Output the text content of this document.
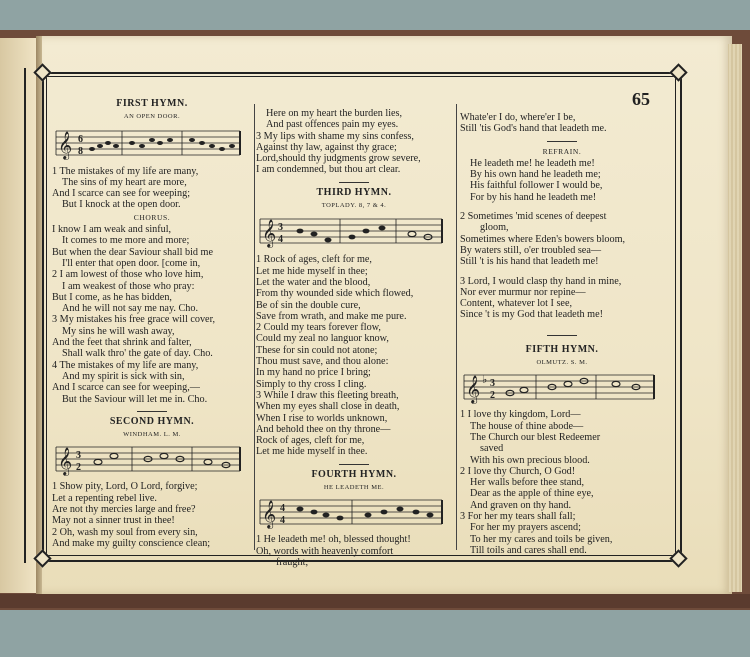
65
FIRST HYMN.
AN OPEN DOOR.
𝄞 6
8
1 The mistakes of my life are many,
The sins of my heart are more,
And I scarce can see for weeping;
But I knock at the open door.
CHORUS.
I know I am weak and sinful,
It comes to me more and more;
But when the dear Saviour shall bid me
I'll enter that open door. [come in,
2 I am lowest of those who love him,
I am weakest of those who pray:
But I come, as he has bidden,
And he will not say me nay. Cho.
3 My mistakes his free grace will cover,
My sins he will wash away,
And the feet that shrink and falter,
Shall walk thro' the gate of day. Cho.
4 The mistakes of my life are many,
And my spirit is sick with sin,
And I scarce can see for weeping,—
But the Saviour will let me in. Cho.
SECOND HYMN.
WINDHAM. L. M.
𝄞 3
2
1 Show pity, Lord, O Lord, forgive;
Let a repenting rebel live.
Are not thy mercies large and free?
May not a sinner trust in thee!
2 Oh, wash my soul from every sin,
And make my guilty conscience clean;
Here on my heart the burden lies,
And past offences pain my eyes.
3 My lips with shame my sins confess,
Against thy law, against thy grace;
Lord,should thy judgments grow severe,
I am condemned, but thou art clear.
THIRD HYMN.
TOPLADY. 8, 7 & 4.
𝄞 3
4
1 Rock of ages, cleft for me,
Let me hide myself in thee;
Let the water and the blood,
From thy wounded side which flowed,
Be of sin the double cure,
Save from wrath, and make me pure.
2 Could my tears forever flow,
Could my zeal no languor know,
These for sin could not atone;
Thou must save, and thou alone:
In my hand no price I bring;
Simply to thy cross I cling.
3 While I draw this fleeting breath,
When my eyes shall close in death,
When I rise to worlds unknown,
And behold thee on thy throne—
Rock of ages, cleft for me,
Let me hide myself in thee.
FOURTH HYMN.
HE LEADETH ME.
𝄞 4
4
1 He leadeth me! oh, blessed thought!
Oh, words with heavenly comfort
fraught;
Whate'er I do, where'er I be,
Still 'tis God's hand that leadeth me.
REFRAIN.
He leadeth me! he leadeth me!
By his own hand he leadeth me;
His faithful follower I would be,
For by his hand he leadeth me!
2 Sometimes 'mid scenes of deepest
gloom,
Sometimes where Eden's bowers bloom,
By waters still, o'er troubled sea—
Still 't is his hand that leadeth me!
3 Lord, I would clasp thy hand in mine,
Nor ever murmur nor repine—
Content, whatever lot I see,
Since 't is my God that leadeth me!
FIFTH HYMN.
OLMUTZ. S. M.
𝄞 ♭ 3
2
1 I love thy kingdom, Lord—
The house of thine abode—
The Church our blest Redeemer
saved
With his own precious blood.
2 I love thy Church, O God!
Her walls before thee stand,
Dear as the apple of thine eye,
And graven on thy hand.
3 For her my tears shall fall;
For her my prayers ascend;
To her my cares and toils be given,
Till toils and cares shall end.
